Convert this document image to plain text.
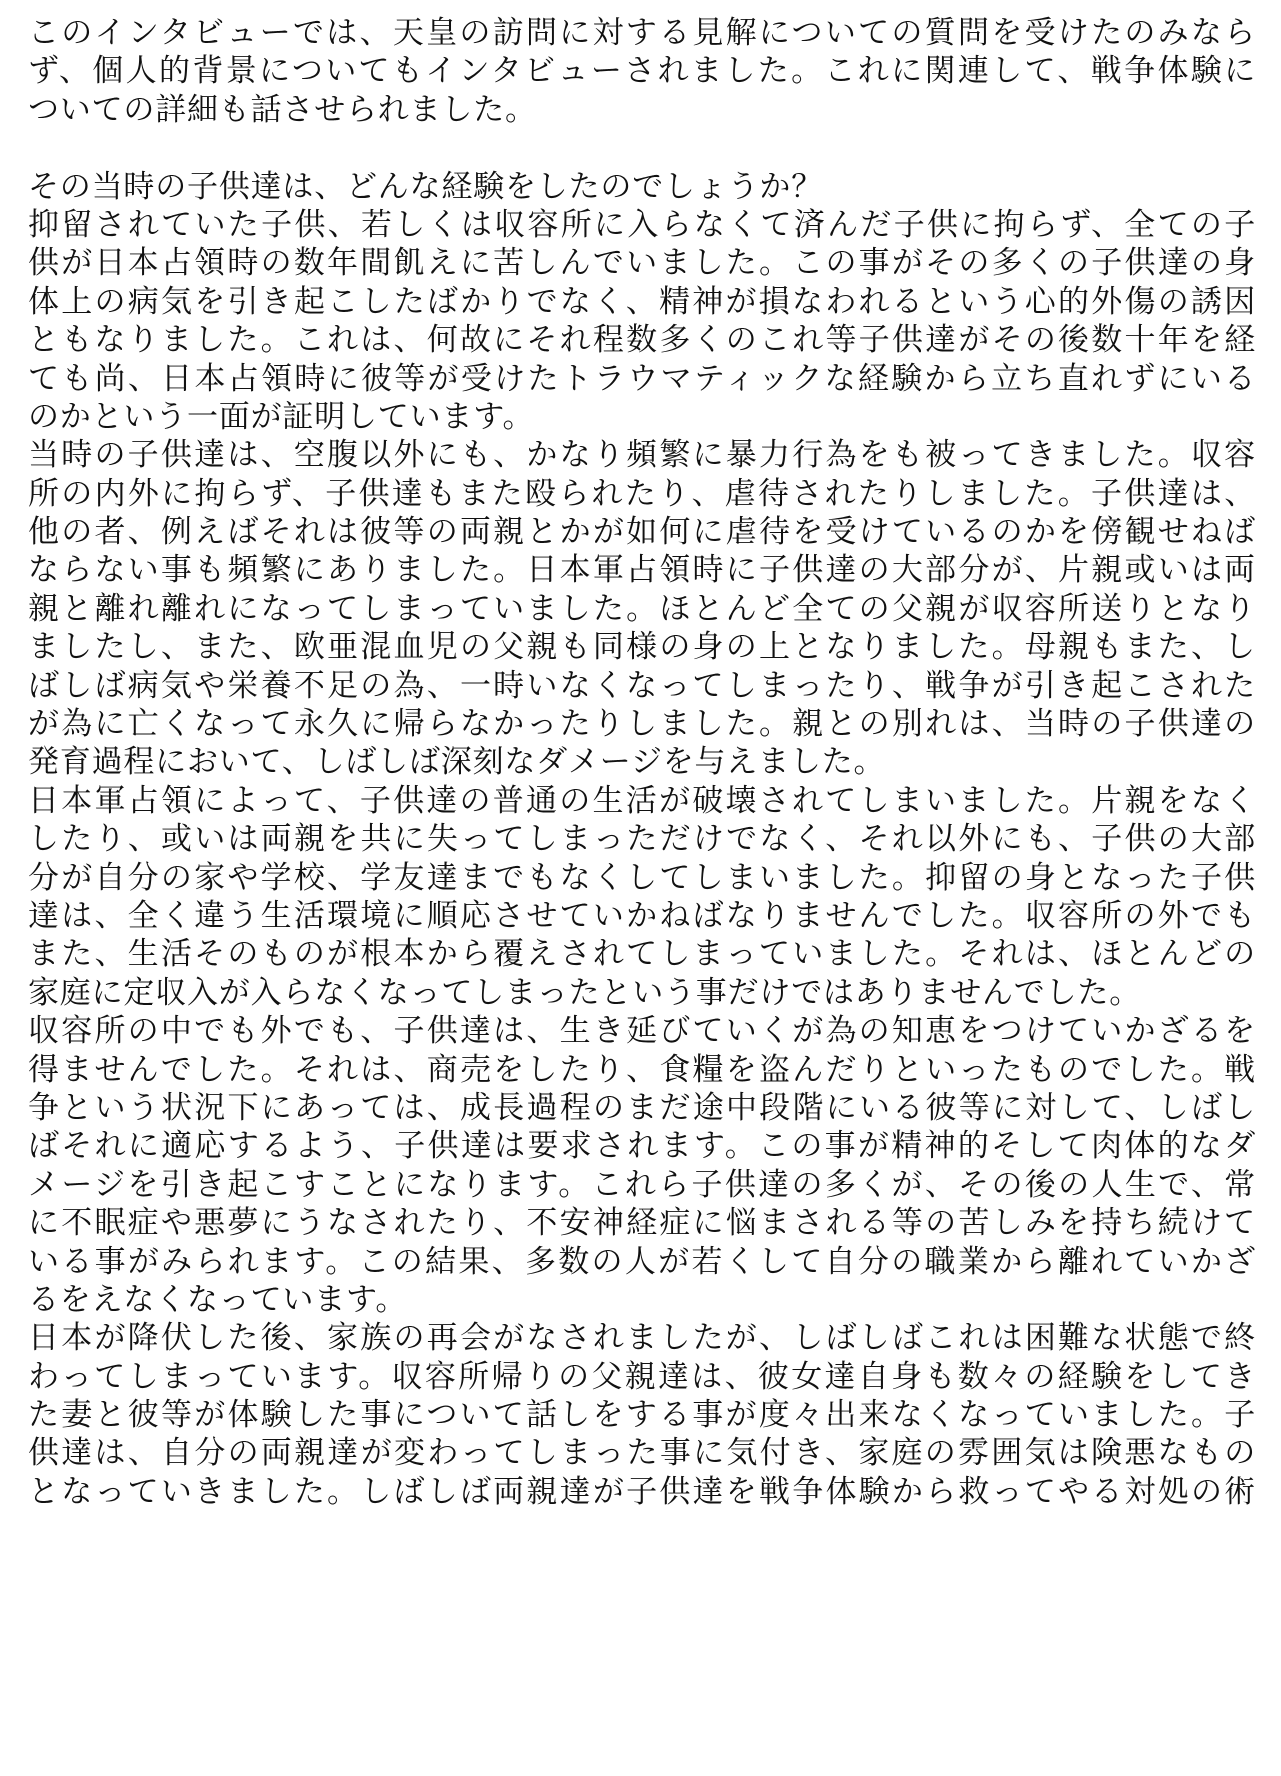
このインタビューでは、天皇の訪問に対する見解についての質問を受けたのみなら
ず、個人的背景についてもインタビューされました。これに関連して、戦争体験に
ついての詳細も話させられました。
その当時の子供達は、どんな経験をしたのでしょうか？
抑留されていた子供、若しくは収容所に入らなくて済んだ子供に拘らず、全ての子
供が日本占領時の数年間飢えに苦しんでいました。この事がその多くの子供達の身
体上の病気を引き起こしたばかりでなく、精神が損なわれるという心的外傷の誘因
ともなりました。これは、何故にそれ程数多くのこれ等子供達がその後数十年を経
ても尚、日本占領時に彼等が受けたトラウマティックな経験から立ち直れずにいる
のかという一面が証明しています。
当時の子供達は、空腹以外にも、かなり頻繁に暴力行為をも被ってきました。収容
所の内外に拘らず、子供達もまた殴られたり、虐待されたりしました。子供達は、
他の者、例えばそれは彼等の両親とかが如何に虐待を受けているのかを傍観せねば
ならない事も頻繁にありました。日本軍占領時に子供達の大部分が、片親或いは両
親と離れ離れになってしまっていました。ほとんど全ての父親が収容所送りとなり
ましたし、また、欧亜混血児の父親も同様の身の上となりました。母親もまた、し
ばしば病気や栄養不足の為、一時いなくなってしまったり、戦争が引き起こされた
が為に亡くなって永久に帰らなかったりしました。親との別れは、当時の子供達の
発育過程において、しばしば深刻なダメージを与えました。
日本軍占領によって、子供達の普通の生活が破壊されてしまいました。片親をなく
したり、或いは両親を共に失ってしまっただけでなく、それ以外にも、子供の大部
分が自分の家や学校、学友達までもなくしてしまいました。抑留の身となった子供
達は、全く違う生活環境に順応させていかねばなりませんでした。収容所の外でも
また、生活そのものが根本から覆えされてしまっていました。それは、ほとんどの
家庭に定収入が入らなくなってしまったという事だけではありませんでした。
収容所の中でも外でも、子供達は、生き延びていくが為の知恵をつけていかざるを
得ませんでした。それは、商売をしたり、食糧を盗んだりといったものでした。戦
争という状況下にあっては、成長過程のまだ途中段階にいる彼等に対して、しばし
ばそれに適応するよう、子供達は要求されます。この事が精神的そして肉体的なダ
メージを引き起こすことになります。これら子供達の多くが、その後の人生で、常
に不眠症や悪夢にうなされたり、不安神経症に悩まされる等の苦しみを持ち続けて
いる事がみられます。この結果、多数の人が若くして自分の職業から離れていかざ
るをえなくなっています。
日本が降伏した後、家族の再会がなされましたが、しばしばこれは困難な状態で終
わってしまっています。収容所帰りの父親達は、彼女達自身も数々の経験をしてき
た妻と彼等が体験した事について話しをする事が度々出来なくなっていました。子
供達は、自分の両親達が変わってしまった事に気付き、家庭の雰囲気は険悪なもの
となっていきました。しばしば両親達が子供達を戦争体験から救ってやる対処の術
